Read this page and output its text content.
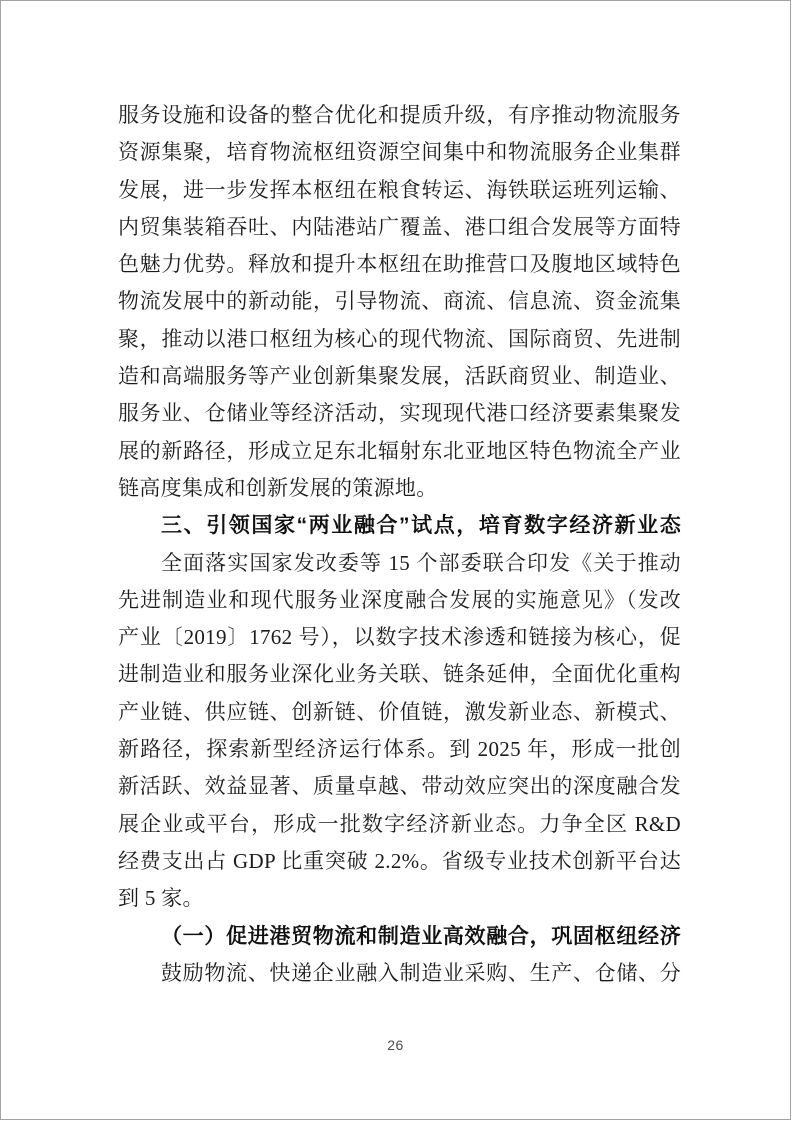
服务设施和设备的整合优化和提质升级，有序推动物流服务
资源集聚，培育物流枢纽资源空间集中和物流服务企业集群
发展，进一步发挥本枢纽在粮食转运、海铁联运班列运输、
内贸集装箱吞吐、内陆港站广覆盖、港口组合发展等方面特
色魅力优势。释放和提升本枢纽在助推营口及腹地区域特色
物流发展中的新动能，引导物流、商流、信息流、资金流集
聚，推动以港口枢纽为核心的现代物流、国际商贸、先进制
造和高端服务等产业创新集聚发展，活跃商贸业、制造业、
服务业、仓储业等经济活动，实现现代港口经济要素集聚发
展的新路径，形成立足东北辐射东北亚地区特色物流全产业
链高度集成和创新发展的策源地。
三、引领国家“两业融合”试点，培育数字经济新业态
全面落实国家发改委等 15 个部委联合印发《关于推动
先进制造业和现代服务业深度融合发展的实施意见》（发改
产业〔2019〕1762 号），以数字技术渗透和链接为核心，促
进制造业和服务业深化业务关联、链条延伸，全面优化重构
产业链、供应链、创新链、价值链，激发新业态、新模式、
新路径，探索新型经济运行体系。到 2025 年，形成一批创
新活跃、效益显著、质量卓越、带动效应突出的深度融合发
展企业或平台，形成一批数字经济新业态。力争全区 R&D
经费支出占 GDP 比重突破 2.2%。省级专业技术创新平台达
到 5 家。
（一）促进港贸物流和制造业高效融合，巩固枢纽经济
鼓励物流、快递企业融入制造业采购、生产、仓储、分
26
